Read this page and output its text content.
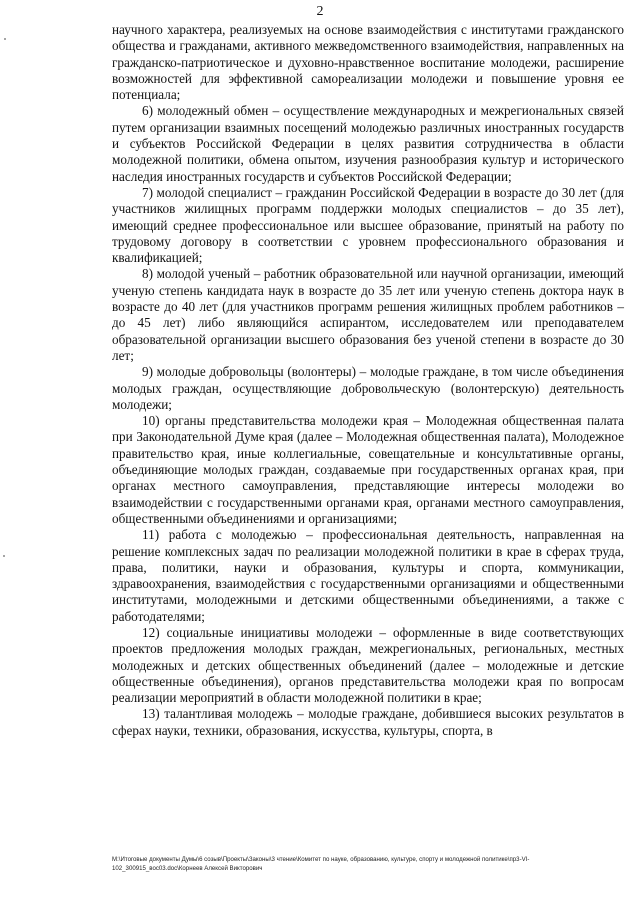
2

научного характера, реализуемых на основе взаимодействия с институтами гражданского общества и гражданами, активного межведомственного взаимодействия, направленных на гражданско-патриотическое и духовно-нравственное воспитание молодежи, расширение возможностей для эффективной самореализации молодежи и повышение уровня ее потенциала;

6) молодежный обмен – осуществление международных и межрегиональных связей путем организации взаимных посещений молодежью различных иностранных государств и субъектов Российской Федерации в целях развития сотрудничества в области молодежной политики, обмена опытом, изучения разнообразия культур и исторического наследия иностранных государств и субъектов Российской Федерации;

7) молодой специалист – гражданин Российской Федерации в возрасте до 30 лет (для участников жилищных программ поддержки молодых специалистов – до 35 лет), имеющий среднее профессиональное или высшее образование, принятый на работу по трудовому договору в соответствии с уровнем профессионального образования и квалификацией;

8) молодой ученый – работник образовательной или научной организации, имеющий ученую степень кандидата наук в возрасте до 35 лет или ученую степень доктора наук в возрасте до 40 лет (для участников программ решения жилищных проблем работников – до 45 лет) либо являющийся аспирантом, исследователем или преподавателем образовательной организации высшего образования без ученой степени в возрасте до 30 лет;

9) молодые добровольцы (волонтеры) – молодые граждане, в том числе объединения молодых граждан, осуществляющие добровольческую (волонтерскую) деятельность молодежи;

10) органы представительства молодежи края – Молодежная общественная палата при Законодательной Думе края (далее – Молодежная общественная палата), Молодежное правительство края, иные коллегиальные, совещательные и консультативные органы, объединяющие молодых граждан, создаваемые при государственных органах края, при органах местного самоуправления, представляющие интересы молодежи во взаимодействии с государственными органами края, органами местного самоуправления, общественными объединениями и организациями;

11) работа с молодежью – профессиональная деятельность, направленная на решение комплексных задач по реализации молодежной политики в крае в сферах труда, права, политики, науки и образования, культуры и спорта, коммуникации, здравоохранения, взаимодействия с государственными организациями и общественными институтами, молодежными и детскими общественными объединениями, а также с работодателями;

12) социальные инициативы молодежи – оформленные в виде соответствующих проектов предложения молодых граждан, межрегиональных, региональных, местных молодежных и детских общественных объединений (далее – молодежные и детские общественные объединения), органов представительства молодежи края по вопросам реализации мероприятий в области молодежной политики в крае;

13) талантливая молодежь – молодые граждане, добившиеся высоких результатов в сферах науки, техники, образования, искусства, культуры, спорта, в

М:\Итоговые документы Думы\6 созыв\Проекты\Законы\3 чтение\Комитет по науке, образованию, культуре, спорту и молодежной политике\пр3-VI-
102_300915_вос03.doc\Корнеев Алексей Викторович
